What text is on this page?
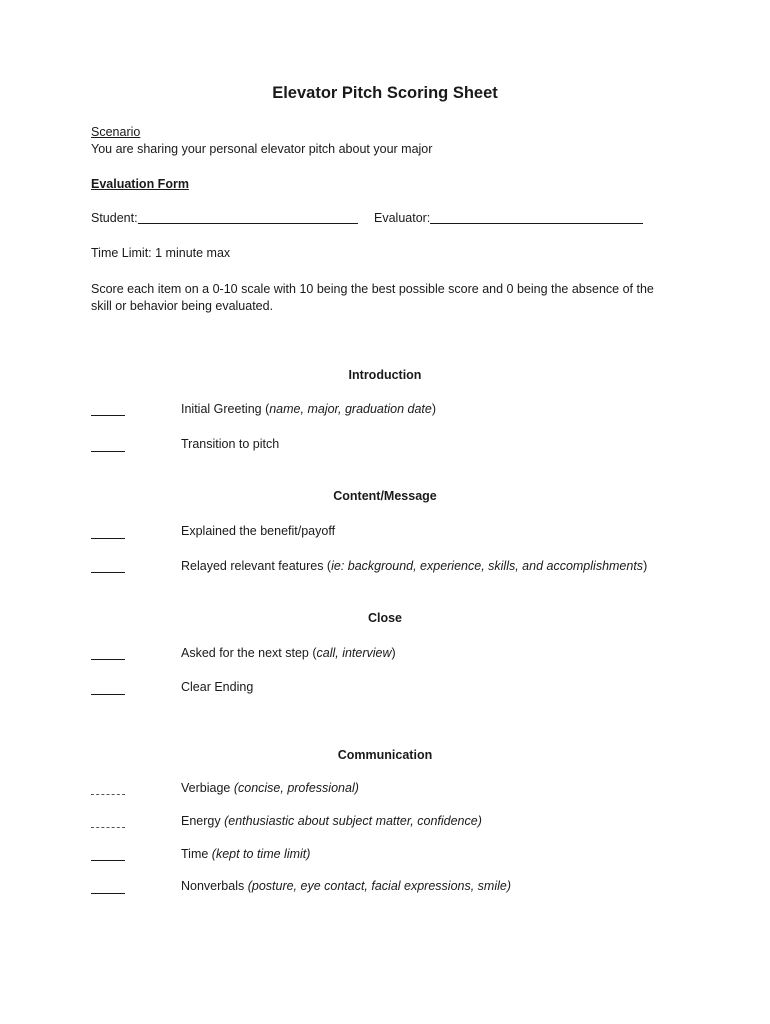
Elevator Pitch Scoring Sheet
Scenario
You are sharing your personal elevator pitch about your major
Evaluation Form
Student:	Evaluator:
Time Limit: 1 minute max
Score each item on a 0-10 scale with 10 being the best possible score and 0 being the absence of the skill or behavior being evaluated.
Introduction
Initial Greeting (name, major, graduation date)
Transition to pitch
Content/Message
Explained the benefit/payoff
Relayed relevant features (ie: background, experience, skills, and accomplishments)
Close
Asked for the next step (call, interview)
Clear Ending
Communication
Verbiage (concise, professional)
Energy (enthusiastic about subject matter, confidence)
Time (kept to time limit)
Nonverbals (posture, eye contact, facial expressions, smile)
